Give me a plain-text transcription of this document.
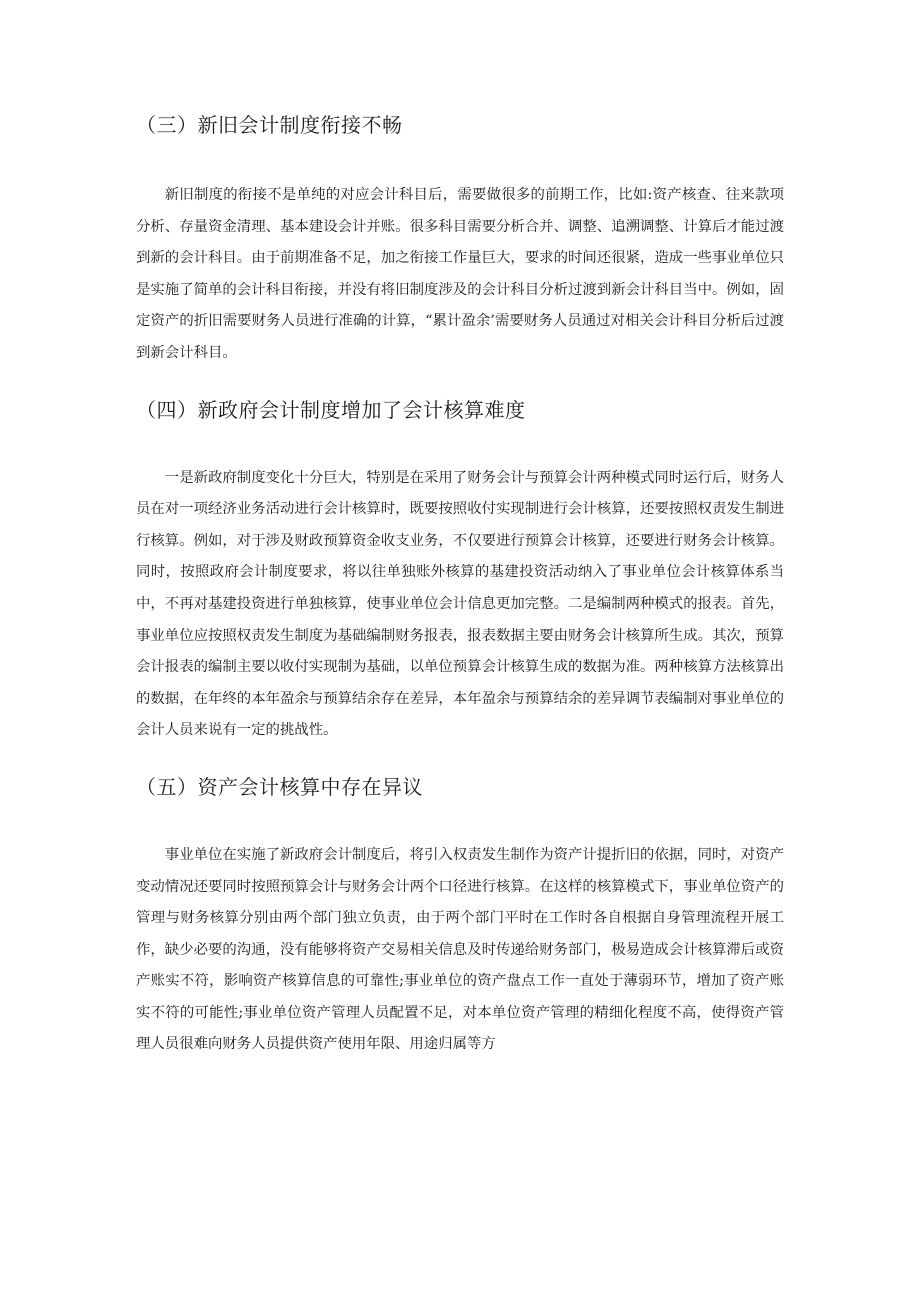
（三）新旧会计制度衔接不畅

新旧制度的衔接不是单纯的对应会计科目后，需要做很多的前期工作，比如:资产核查、往来款项分析、存量资金清理、基本建设会计并账。很多科目需要分析合并、调整、追溯调整、计算后才能过渡到新的会计科目。由于前期准备不足，加之衔接工作量巨大，要求的时间还很紧，造成一些事业单位只是实施了简单的会计科目衔接，并没有将旧制度涉及的会计科目分析过渡到新会计科目当中。例如，固定资产的折旧需要财务人员进行准确的计算，“累计盈余’需要财务人员通过对相关会计科目分析后过渡到新会计科目。

（四）新政府会计制度增加了会计核算难度

一是新政府制度变化十分巨大，特别是在采用了财务会计与预算会计两种模式同时运行后，财务人员在对一项经济业务活动进行会计核算时，既要按照收付实现制进行会计核算，还要按照权责发生制进行核算。例如，对于涉及财政预算资金收支业务，不仅要进行预算会计核算，还要进行财务会计核算。同时，按照政府会计制度要求，将以往单独账外核算的基建投资活动纳入了事业单位会计核算体系当中，不再对基建投资进行单独核算，使事业单位会计信息更加完整。二是编制两种模式的报表。首先，事业单位应按照权责发生制度为基础编制财务报表，报表数据主要由财务会计核算所生成。其次，预算会计报表的编制主要以收付实现制为基础，以单位预算会计核算生成的数据为准。两种核算方法核算出的数据，在年终的本年盈余与预算结余存在差异，本年盈余与预算结余的差异调节表编制对事业单位的会计人员来说有一定的挑战性。

（五）资产会计核算中存在异议

事业单位在实施了新政府会计制度后，将引入权责发生制作为资产计提折旧的依据，同时，对资产变动情况还要同时按照预算会计与财务会计两个口径进行核算。在这样的核算模式下，事业单位资产的管理与财务核算分别由两个部门独立负责，由于两个部门平时在工作时各自根据自身管理流程开展工作，缺少必要的沟通，没有能够将资产交易相关信息及时传递给财务部门，极易造成会计核算滞后或资产账实不符，影响资产核算信息的可靠性;事业单位的资产盘点工作一直处于薄弱环节，增加了资产账实不符的可能性;事业单位资产管理人员配置不足，对本单位资产管理的精细化程度不高，使得资产管理人员很难向财务人员提供资产使用年限、用途归属等方
